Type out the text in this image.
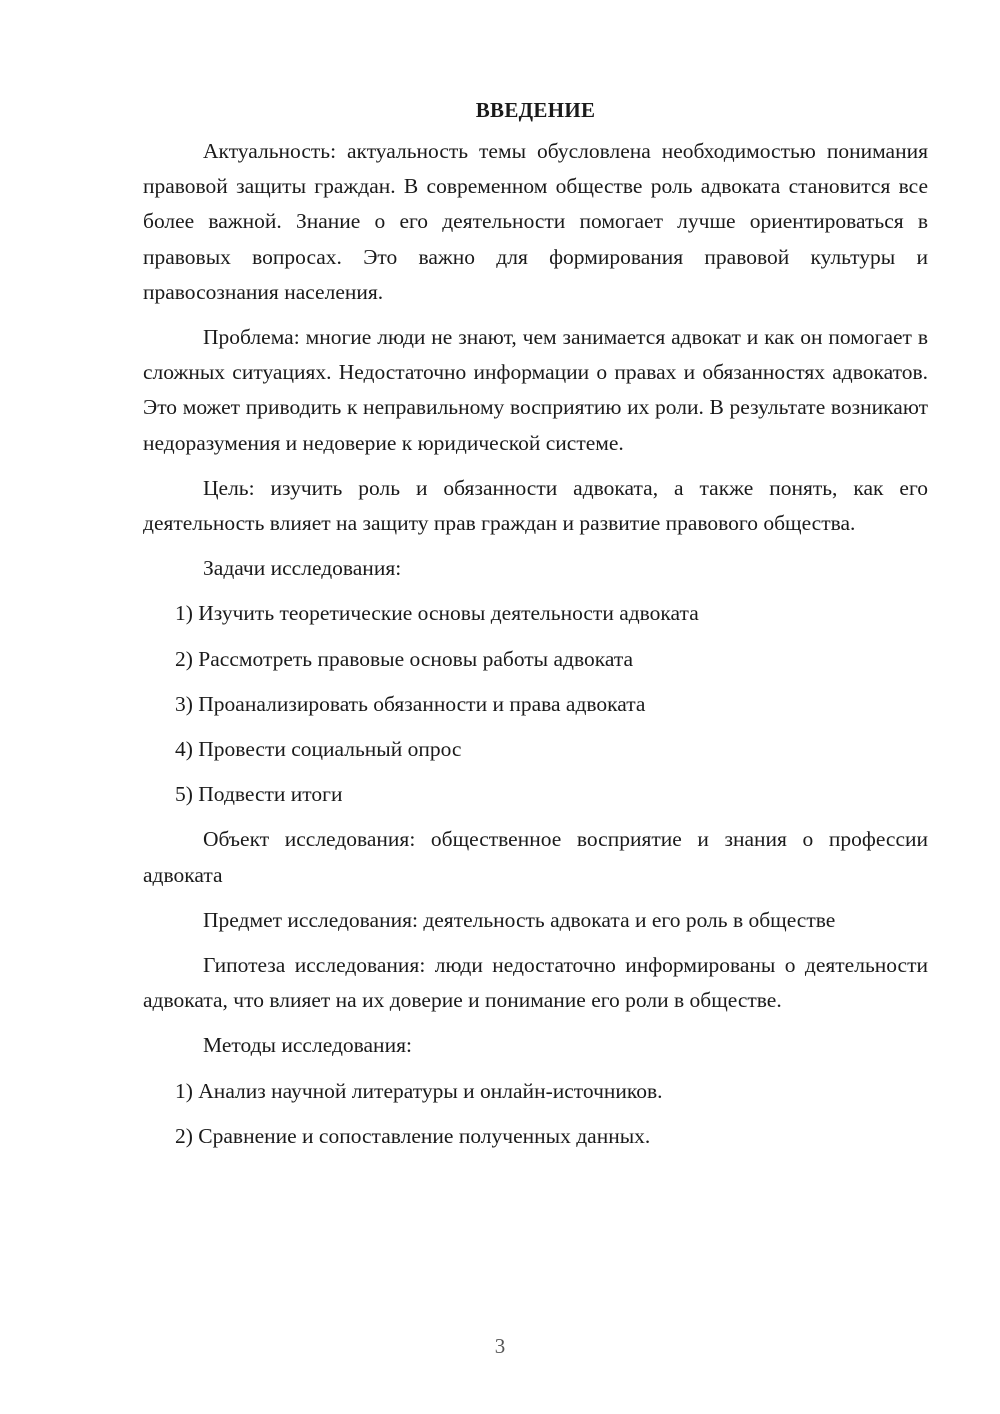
ВВЕДЕНИЕ

Актуальность: актуальность темы обусловлена необходимостью понимания правовой защиты граждан. В современном обществе роль адвоката становится все более важной. Знание о его деятельности помогает лучше ориентироваться в правовых вопросах. Это важно для формирования правовой культуры и правосознания населения.

Проблема: многие люди не знают, чем занимается адвокат и как он помогает в сложных ситуациях. Недостаточно информации о правах и обязанностях адвокатов. Это может приводить к неправильному восприятию их роли. В результате возникают недоразумения и недоверие к юридической системе.

Цель: изучить роль и обязанности адвоката, а также понять, как его деятельность влияет на защиту прав граждан и развитие правового общества.

Задачи исследования:

1) Изучить теоретические основы деятельности адвоката

2) Рассмотреть правовые основы работы адвоката

3) Проанализировать обязанности и права адвоката

4) Провести социальный опрос

5) Подвести итоги

Объект исследования: общественное восприятие и знания о профессии адвоката

Предмет исследования: деятельность адвоката и его роль в обществе

Гипотеза исследования: люди недостаточно информированы о деятельности адвоката, что влияет на их доверие и понимание его роли в обществе.

Методы исследования:

1) Анализ научной литературы и онлайн-источников.

2) Сравнение и сопоставление полученных данных.

3
